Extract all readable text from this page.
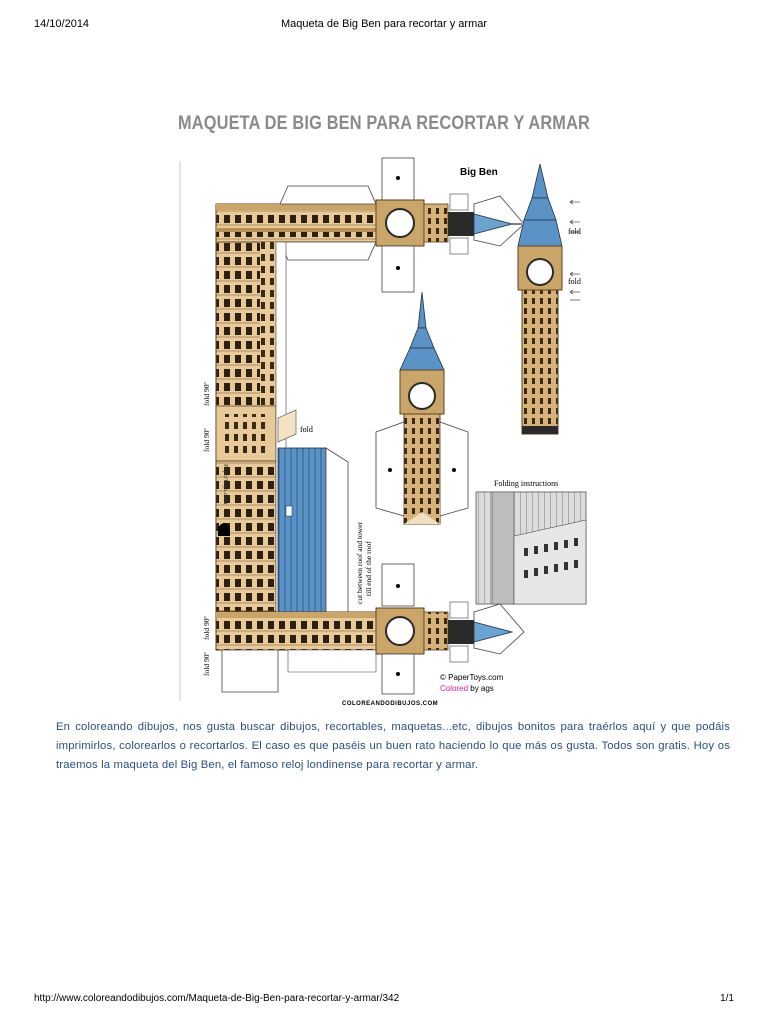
14/10/2014	Maqueta de Big Ben para recortar y armar
MAQUETA DE BIG BEN PARA RECORTAR Y ARMAR
Big Ben
fold
fold
fold
fold 90º
fold 90º
fold 90º
fold 90º
PaperToys.com
cut between roof and tower till end of the roof
Folding instructions
© PaperToys.com
Colored by ags
COLOREANDODIBUJOS.COM
En coloreando dibujos, nos gusta buscar dibujos, recortables, maquetas...etc, dibujos bonitos para traérlos aquí y que podáis imprimirlos, colorearlos o recortarlos. El caso es que paséis un buen rato haciendo lo que más os gusta. Todos son gratis. Hoy os traemos la maqueta del Big Ben, el famoso reloj londinense para recortar y armar.
http://www.coloreandodibujos.com/Maqueta-de-Big-Ben-para-recortar-y-armar/342	1/1
